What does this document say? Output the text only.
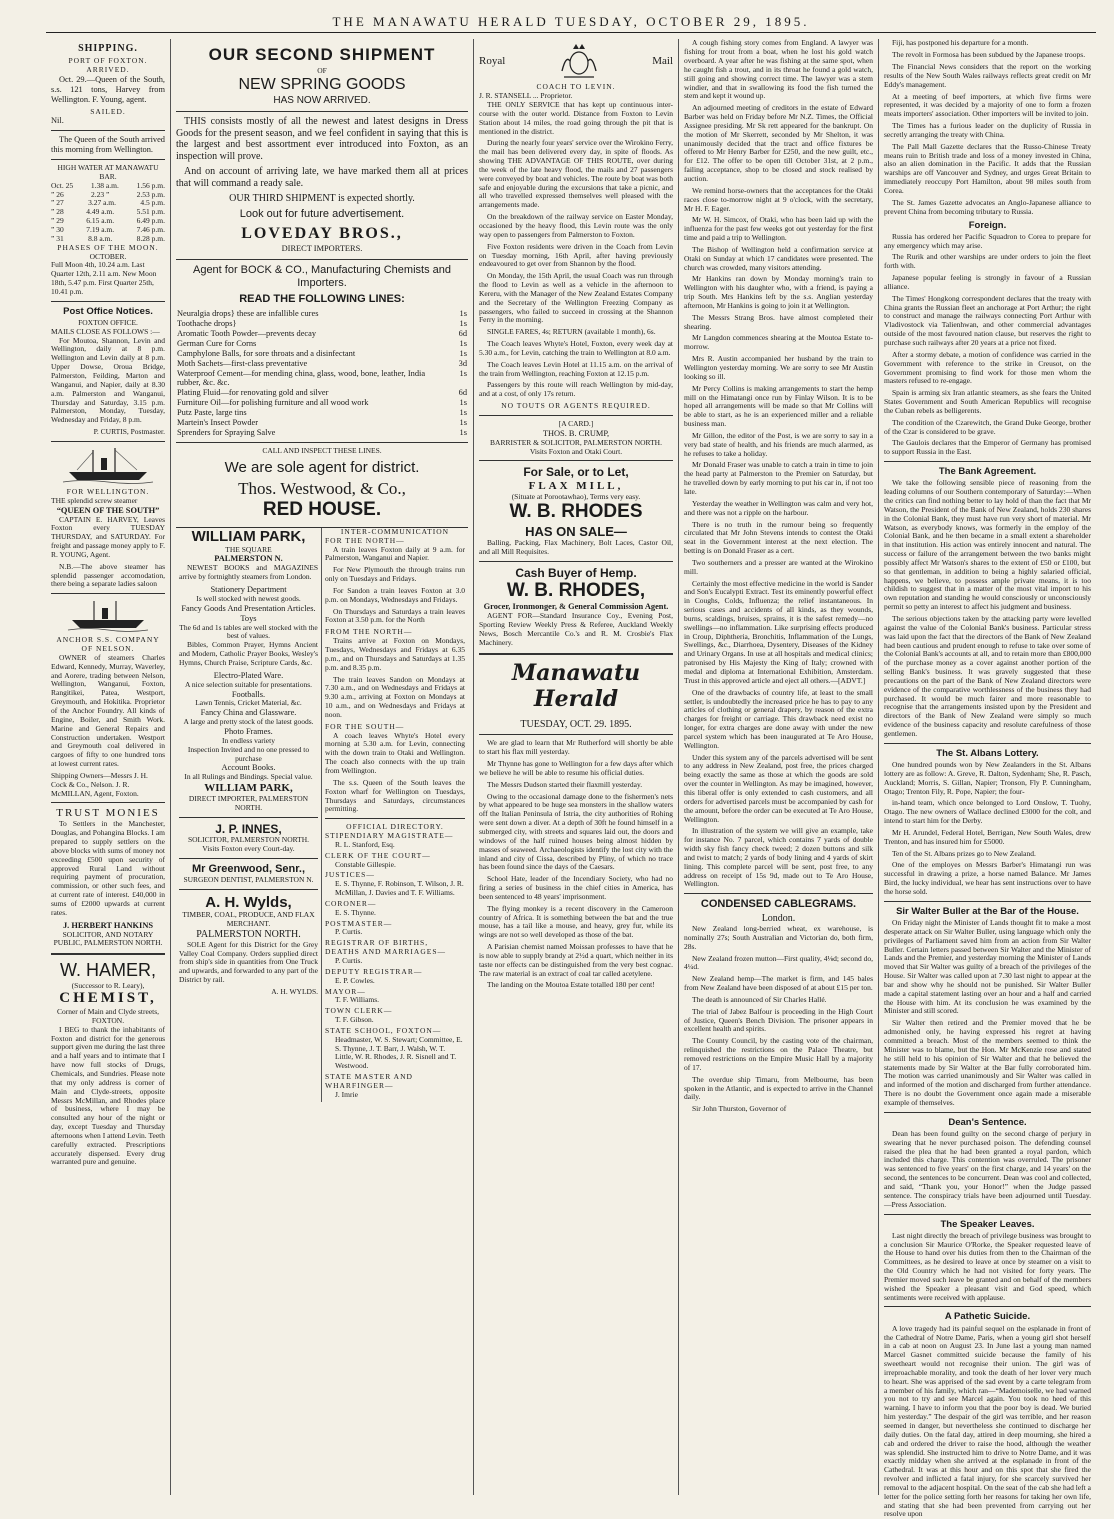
THE MANAWATU HERALD TUESDAY, OCTOBER 29, 1895.
SHIPPING.
PORT OF FOXTON.
ARRIVED.
Oct. 29.—Queen of the South, s.s. 121 tons, Harvey from Wellington. F. Young, agent.
SAILED.
Nil.
The Queen of the South arrived this morning from Wellington.
HIGH WATER AT MANAWATU BAR.
Oct. 25 1.38 a.m. 1.56 p.m.
” 26	2.23 ”	2.53 p.m.
” 27	3.27 a.m.	4.5 p.m.
” 28	4.49 a.m.	5.51 p.m.
” 29	6.15 a.m.	6.49 p.m.
” 30	7.19 a.m.	7.46 p.m.
” 31	8.8 a.m.	8.28 p.m.
PHASES OF THE MOON.
OCTOBER.
Full Moon 4th, 10.24 a.m. Last Quarter 12th, 2.11 a.m. New Moon 18th, 5.47 p.m. First Quarter 25th, 10.41 p.m.
Post Office Notices.
FOXTON OFFICE.
MAILS CLOSE AS FOLLOWS :—
For Moutoa, Shannon, Levin and Wellington, daily at 8 p.m. Wellington and Levin daily at 8 p.m. Upper Dowse, Oroua Bridge, Palmerston, Feilding, Marton and Wanganui, and Napier, daily at 8.30 a.m. Palmerston and Wanganui, Thursday and Saturday, 3.15 p.m. Palmerston, Monday, Tuesday, Wednesday and Friday, 8 p.m.
P. CURTIS, Postmaster.
FOR WELLINGTON.
THE splendid screw steamer
“QUEEN OF THE SOUTH”
CAPTAIN E. HARVEY, Leaves Foxton every TUESDAY THURSDAY, and SATURDAY. For freight and passage money apply to F. R. YOUNG, Agent.
N.B.—The above steamer has splendid passenger accomodation, there being a separate ladies saloon
ANCHOR S.S. COMPANY OF NELSON.
OWNER of steamers Charles Edward, Kennedy, Murray, Waverley, and Aorere, trading between Nelson, Wellington, Wanganui, Foxton, Rangitikei, Patea, Westport, Greymouth, and Hokitika. Proprietor of the Anchor Foundry. All kinds of Engine, Boiler, and Smith Work. Marine and General Repairs and Construction undertaken. Westport and Greymouth coal delivered in cargoes of fifty to one hundred tons at lowest current rates.
Shipping Owners—Messrs J. H. Cock & Co., Nelson. J. R. McMILLAN, Agent, Foxton.
TRUST MONIES
To Settlers in the Manchester, Douglas, and Pohangina Blocks. I am prepared to supply settlers on the above blocks with sums of money not exceeding £500 upon security of approved Rural Land without requiring payment of procuration, commission, or other such fees, and at current rate of interest. £40,000 in sums of £2000 upwards at current rates.
J. HERBERT HANKINS
SOLICITOR, AND NOTARY PUBLIC, PALMERSTON NORTH.
W. HAMER,
(Successor to R. Leary),
CHEMIST,
Corner of Main and Clyde streets, FOXTON.
I BEG to thank the inhabitants of Foxton and district for the generous support given me during the last three and a half years and to intimate that I have now full stocks of Drugs, Chemicals, and Sundries. Please note that my only address is corner of Main and Clyde-streets, opposite Messrs McMillan, and Rhodes place of business, where I may be consulted any hour of the night or day, except Tuesday and Thursday afternoons when I attend Levin. Teeth carefully extracted. Prescriptions accurately dispensed. Every drug warranted pure and genuine.
OUR SECOND SHIPMENT
OF
NEW SPRING GOODS
HAS NOW ARRIVED.
THIS consists mostly of all the newest and latest designs in Dress Goods for the present season, and we feel confident in saying that this is the largest and best assortment ever introduced into Foxton, as an inspection will prove.
And on account of arriving late, we have marked them all at prices that will command a ready sale.
OUR THIRD SHIPMENT is expected shortly.
Look out for future advertisement.
LOVEDAY BROS.,
DIRECT IMPORTERS.
Agent for BOCK & CO., Manufacturing Chemists and Importers.
READ THE FOLLOWING LINES:
Neuralgia drops} these are infallible cures	1s
Toothache drops}	1s
Aromatic Tooth Powder—prevents decay	6d
German Cure for Corns	1s
Camphylone Balls, for sore throats and a disinfectant	1s
Moth Sachets—first-class preventative	3d
Waterproof Cement—for mending china, glass, wood, bone, leather, India rubber, &c. &c.	1s
Plating Fluid—for renovating gold and silver	6d
Furniture Oil—for polishing furniture and all wood work	1s
Putz Paste, large tins	1s
Martein's Insect Powder	1s
Sprenders for Spraying Salve	1s
CALL AND INSPECT THESE LINES.
We are sole agent for district.
Thos. Westwood, & Co.,
RED HOUSE.
WILLIAM PARK,
THE SQUARE
PALMERSTON N.
NEWEST BOOKS and MAGAZINES arrive by fortnightly steamers from London.
Stationery Department
Is well stocked with newest goods.
Fancy Goods And Presentation Articles.
Toys
The 6d and 1s tables are well stocked with the best of values.
Bibles, Common Prayer, Hymns Ancient and Modern, Catholic Prayer Books, Wesley's Hymns, Church Praise, Scripture Cards, &c.
Electro-Plated Ware.
A nice selection suitable for presentations.
Footballs.
Lawn Tennis, Cricket Material, &c.
Fancy China and Glassware.
A large and pretty stock of the latest goods.
Photo Frames.
In endless variety
Inspection Invited and no one pressed to purchase
Account Books.
In all Rulings and Bindings. Special value.
WILLIAM PARK,
DIRECT IMPORTER, PALMERSTON NORTH.
J. P. INNES,
SOLICITOR, PALMERSTON NORTH. Visits Foxton every Court-day.
Mr Greenwood, Senr.,
SURGEON DENTIST, PALMERSTON N.
A. H. Wylds,
TIMBER, COAL, PRODUCE, AND FLAX MERCHANT.
PALMERSTON NORTH.
SOLE Agent for this District for the Grey Valley Coal Company. Orders supplied direct from ship's side in quantities from One Truck and upwards, and forwarded to any part of the District by rail.
A. H. WYLDS.
INTER-COMMUNICATION
FOR THE NORTH—
A train leaves Foxton daily at 9 a.m. for Palmerston, Wanganui and Napier.
For New Plymouth the through trains run only on Tuesdays and Fridays.
For Sandon a train leaves Foxton at 3.0 p.m. on Mondays, Wednesdays and Fridays.
On Thursdays and Saturdays a train leaves Foxton at 3.50 p.m. for the North
FROM THE NORTH—
Trains arrive at Foxton on Mondays, Tuesdays, Wednesdays and Fridays at 6.35 p.m., and on Thursdays and Saturdays at 1.35 p.m. and 8.35 p.m.
The train leaves Sandon on Mondays at 7.30 a.m., and on Wednesdays and Fridays at 9.30 a.m., arriving at Foxton on Mondays at 10 a.m., and on Wednesdays and Fridays at noon.
FOR THE SOUTH—
A coach leaves Whyte's Hotel every morning at 5.30 a.m. for Levin, connecting with the down train to Otaki and Wellington. The coach also connects with the up train from Wellington.
The s.s. Queen of the South leaves the Foxton wharf for Wellington on Tuesdays, Thursdays and Saturdays, circumstances permitting.
OFFICIAL DIRECTORY.
STIPENDIARY MAGISTRATE—
R. L. Stanford, Esq.
CLERK OF THE COURT—
Constable Gillespie.
JUSTICES—
E. S. Thynne, F. Robinson, T. Wilson, J. R. McMillan, J. Davies and T. F. Williams.
CORONER—
E. S. Thynne.
POSTMASTER—
P. Curtis.
REGISTRAR OF BIRTHS, DEATHS AND MARRIAGES—
P. Curtis.
DEPUTY REGISTRAR—
E. P. Cowles.
MAYOR—
T. F. Williams.
TOWN CLERK—
T. F. Gibson.
STATE SCHOOL, FOXTON—
Headmaster, W. S. Stewart; Committee, E. S. Thynne, J. T. Barr, J. Walsh, W. T. Little, W. R. Rhodes, J. R. Sisnell and T. Westwood.
STATE MASTER AND WHARFINGER—
J. Imrie
Royal	Mail
COACH TO LEVIN.
J. R. STANSELL ... Proprietor.
THE ONLY SERVICE that has kept up continuous inter-course with the outer world. Distance from Foxton to Levin Station about 14 miles, the road going through the pit that is mentioned in the district.
During the nearly four years' service over the Wirokino Ferry, the mail has been delivered every day, in spite of floods. As showing THE ADVANTAGE OF THIS ROUTE, over during the week of the late heavy flood, the mails and 27 passengers were conveyed by boat and vehicles. The route by boat was both safe and enjoyable during the excursions that take a picnic, and all who travelled expressed themselves well pleased with the arrangements made.
On the breakdown of the railway service on Easter Monday, occasioned by the heavy flood, this Levin route was the only way open to passengers from Palmerston to Foxton.
Five Foxton residents were driven in the Coach from Levin on Tuesday morning, 16th April, after having previously endeavoured to get over from Shannon by the flood.
On Monday, the 15th April, the usual Coach was run through the flood to Levin as well as a vehicle in the afternoon to Kereru, with the Manager of the New Zealand Estates Company and the Secretary of the Wellington Freezing Company as passengers, who failed to succeed in crossing at the Shannon Ferry in the morning.
SINGLE FARES, 4s; RETURN (available 1 month), 6s.
The Coach leaves Whyte's Hotel, Foxton, every week day at 5.30 a.m., for Levin, catching the train to Wellington at 8.0 a.m.
The Coach leaves Levin Hotel at 11.15 a.m. on the arrival of the train from Wellington, reaching Foxton at 12.15 p.m.
Passengers by this route will reach Wellington by mid-day, and at a cost, of only 17s return.
NO TOUTS OR AGENTS REQUIRED.
[A CARD.]
THOS. B. CRUMP,
BARRISTER & SOLICITOR, PALMERSTON NORTH.
Visits Foxton and Otaki Court.
For Sale, or to Let,
FLAX MILL,
(Situate at Porootawhao), Terms very easy.
W. B. RHODES
HAS ON SALE—
Balling, Packing, Flax Machinery, Bolt Laces, Castor Oil, and all Mill Requisites.
Cash Buyer of Hemp.
W. B. RHODES,
Grocer, Ironmonger, & General Commission Agent.
AGENT FOR—Standard Insurance Coy., Evening Post, Sporting Review Weekly Press & Referee, Auckland Weekly News, Bosch Mercantile Co.'s and R. M. Crosbie's Flax Machinery.
Manawatu Herald
TUESDAY, OCT. 29. 1895.
We are glad to learn that Mr Rutherford will shortly be able to start his flax mill yesterday.
Mr Thynne has gone to Wellington for a few days after which we believe he will be able to resume his official duties.
The Messrs Dudson started their flaxmill yesterday.
Owing to the occasional damage done to the fishermen's nets by what appeared to be huge sea monsters in the shallow waters off the Italian Peninsula of Istria, the city authorities of Rohing were sent down a diver. At a depth of 30ft he found himself in a submerged city, with streets and squares laid out, the doors and windows of the half ruined houses being almost hidden by masses of seaweed. Archaeologists identify the lost city with the inland and city of Cissa, described by Pliny, of which no trace has been found since the days of the Caesars.
School Hate, leader of the Incendiary Society, who had no firing a series of business in the chief cities in America, has been sentenced to 48 years' imprisonment.
The flying monkey is a recent discovery in the Cameroon country of Africa. It is something between the bat and the true mouse, has a tail like a mouse, and heavy, grey fur, while its wings are not so well developed as those of the bat.
A Parisian chemist named Moissan professes to have that he is now able to supply brandy at 2½d a quart, which neither in its taste nor effects can be distinguished from the very best cognac. The raw material is an extract of coal tar called acetylene.
The landing on the Moutoa Estate totalled 180 per cent!
A cough fishing story comes from England. A lawyer was fishing for trout from a boat, when he lost his gold watch overboard. A year after he was fishing at the same spot, when he caught fish a trout, and in its throat he found a gold watch, still going and showing correct time. The lawyer was a stem windier, and that in swallowing its food the fish turned the stem and kept it wound up.
An adjourned meeting of creditors in the estate of Edward Barber was held on Friday before Mr N.Z. Times, the Official Assignee presiding. Mr Sk rett appeared for the bankrupt. On the motion of Mr Skerrett, seconded by Mr Shelton, it was unanimously decided that the tract and office fixtures be offered to Mr Henry Barber for £250, and the new guilt, etc., for £12. The offer to be open till October 31st, at 2 p.m., failing acceptance, shop to be closed and stock realised by auction.
We remind horse-owners that the acceptances for the Otaki races close to-morrow night at 9 o'clock, with the secretary, Mr H. F. Eager.
Mr W. H. Simcox, of Otaki, who has been laid up with the influenza for the past few weeks got out yesterday for the first time and paid a trip to Wellington.
The Bishop of Wellington held a confirmation service at Otaki on Sunday at which 17 candidates were presented. The church was crowded, many visitors attending.
Mr Hankins ran down by Monday morning's train to Wellington with his daughter who, with a friend, is paying a trip South. Mrs Hankins left by the s.s. Anglian yesterday afternoon, Mr Hankins is going to join it at Wellington.
The Messrs Strang Bros. have almost completed their shearing.
Mr Langdon commences shearing at the Moutoa Estate to-morrow.
Mrs R. Austin accompanied her husband by the train to Wellington yesterday morning. We are sorry to see Mr Austin looking so ill.
Mr Percy Collins is making arrangements to start the hemp mill on the Himatangi once run by Finlay Wilson. It is to be hoped all arrangements will be made so that Mr Collins will be able to start, as he is an experienced miller and a reliable business man.
Mr Gillon, the editor of the Post, is we are sorry to say in a very bad state of health, and his friends are much alarmed, as he refuses to take a holiday.
Mr Donald Fraser was unable to catch a train in time to join the head party at Palmerston to the Premier on Saturday, but he travelled down by early morning to put his car in, if not too late.
Yesterday the weather in Wellington was calm and very hot, and there was not a ripple on the harbour.
There is no truth in the rumour being so frequently circulated that Mr John Stevens intends to contest the Otaki seat in the Government interest at the next election. The betting is on Donald Fraser as a cert.
Two southerners and a presser are wanted at the Wirokino mill.
Certainly the most effective medicine in the world is Sander and Son's Eucalypti Extract. Test its eminently powerful effect in Coughs, Colds, Influenza; the relief instantaneous. In serious cases and accidents of all kinds, as they wounds, burns, scaldings, bruises, sprains, it is the safest remedy—no swellings—no inflammation. Like surprising effects produced in Croup, Diphtheria, Bronchitis, Inflammation of the Lungs, Swellings, &c., Diarrhoea, Dysentery, Diseases of the Kidney and Urinary Organs. In use at all hospitals and medical clinics; patronised by His Majesty the King of Italy; crowned with medal and diploma at International Exhibition, Amsterdam. Trust in this approved article and eject all others.—[ADVT.]
One of the drawbacks of country life, at least to the small settler, is undoubtedly the increased price he has to pay to any articles of clothing or general drapery, by reason of the extra charges for freight or carriage. This drawback need exist no longer, for extra charges are done away with under the new parcel system which has been inaugurated at Te Aro House, Wellington.
Under this system any of the parcels advertised will be sent to any address in New Zealand, post free, the prices charged being exactly the same as those at which the goods are sold over the counter in Wellington. As may be imagined, however, this liberal offer is only extended to cash customers, and all orders for advertised parcels must be accompanied by cash for the amount, before the order can be executed at Te Aro House, Wellington.
In illustration of the system we will give an example, take for instance No. 7 parcel, which contains 7 yards of double width sky fish fancy check tweed; 2 dozen buttons and silk and twist to match; 2 yards of body lining and 4 yards of skirt lining. This complete parcel will be sent, post free, to any address on receipt of 15s 9d, made out to Te Aro House, Wellington.
CONDENSED CABLEGRAMS.
London.
New Zealand long-berried wheat, ex warehouse, is nominally 27s; South Australian and Victorian do, both firm, 28s.
New Zealand frozen mutton—First quality, 4⅛d; second do, 4¼d.
New Zealand hemp—The market is firm, and 145 bales from New Zealand have been disposed of at about £15 per ton.
The death is announced of Sir Charles Hallé.
The trial of Jabez Balfour is proceeding in the High Court of Justice, Queen's Bench Division. The prisoner appears in excellent health and spirits.
The County Council, by the casting vote of the chairman, relinquished the restrictions on the Palace Theatre, but removed restrictions on the Empire Music Hall by a majority of 17.
The overdue ship Timaru, from Melbourne, has been spoken in the Atlantic, and is expected to arrive in the Channel daily.
Sir John Thurston, Governor of
Fiji, has postponed his departure for a month.
The revolt in Formosa has been subdued by the Japanese troops.
The Financial News considers that the report on the working results of the New South Wales railways reflects great credit on Mr Eddy's management.
At a meeting of beef importers, at which five firms were represented, it was decided by a majority of one to form a frozen meats importers' association. Other importers will be invited to join.
The Times has a furious leader on the duplicity of Russia in secretly arranging the treaty with China.
The Pall Mall Gazette declares that the Russo-Chinese Treaty means ruin to British trade and loss of a money invested in China, also an alien domination in the Pacific. It adds that the Russian warships are off Vancouver and Sydney, and urges Great Britain to immediately reoccupy Port Hamilton, about 98 miles south from Corea.
The St. James Gazette advocates an Anglo-Japanese alliance to prevent China from becoming tributary to Russia.
Foreign.
Russia has ordered her Pacific Squadron to Corea to prepare for any emergency which may arise.
The Rurik and other warships are under orders to join the fleet forth with.
Japanese popular feeling is strongly in favour of a Russian alliance.
The Times' Hongkong correspondent declares that the treaty with China grants the Russian fleet an anchorage at Port Arthur; the right to construct and manage the railways connecting Port Arthur with Vladivostock via Talienhwan, and other commercial advantages outside of the most favoured nation clause, but reserves the right to purchase such railways after 20 years at a price not fixed.
After a stormy debate, a motion of confidence was carried in the Government with reference to the strike in Creusot, on the Government promising to find work for those men whom the masters refused to re-engage.
Spain is arming six Iran atlantic steamers, as she fears the United States Government and South American Republics will recognise the Cuban rebels as belligerents.
The condition of the Czarewitch, the Grand Duke George, brother of the Czar is considered to be grave.
The Gaulois declares that the Emperor of Germany has promised to support Russia in the East.
The Bank Agreement.
We take the following sensible piece of reasoning from the leading columns of our Southern contemporary of Saturday:—When the critics can find nothing better to lay hold of than the fact that Mr Watson, the President of the Bank of New Zealand, holds 230 shares in the Colonial Bank, they must have run very short of material. Mr Watson, as everybody knows, was formerly in the employ of the Colonial Bank, and he then became in a small extent a shareholder in that institution. His action was entirely innocent and natural. The success or failure of the arrangement between the two banks might possibly affect Mr Watson's shares to the extent of £50 or £100, but so that gentleman, in addition to being a highly salaried official, happens, we believe, to possess ample private means, it is too childish to suggest that in a matter of the most vital import to his own reputation and standing he would consciously or unconsciously permit so petty an interest to affect his judgment and business.
The serious objections taken by the attacking party were levelled against the value of the Colonial Bank's business. Particular stress was laid upon the fact that the directors of the Bank of New Zealand had been cautious and prudent enough to refuse to take over some of the Colonial Bank's accounts at all, and to retain more than £800,000 of the purchase money as a cover against another portion of the selling Bank's business. It was gravely suggested that these precautions on the part of the Bank of New Zealand directors were evidence of the comparative worthlessness of the business they had purchased. It would be much fairer and more reasonable to recognise that the arrangements insisted upon by the President and directors of the Bank of New Zealand were simply so much evidence of the business capacity and resolute carefulness of those gentlemen.
The St. Albans Lottery.
One hundred pounds won by New Zealanders in the St. Albans lottery are as follow: A. Greve, R. Dalton, Sydenham; She, R. Pasch, Auckland; Morris, S. Gillan, Napier; Tronson, Fly P. Cunningham, Otago; Trenton Fily, R. Pope, Napier; the four-
in-hand team, which once belonged to Lord Onslow, T. Tuohy, Otago. The new owners of Wallace declined £3000 for the colt, and intend to start him for the Derby.
Mr H. Arundel, Federal Hotel, Berrigan, New South Wales, drew Trenton, and has insured him for £5000.
Ten of the St. Albans prizes go to New Zealand.
One of the employes on Messrs Barber's Himatangi run was successful in drawing a prize, a horse named Balance. Mr James Bird, the lucky individual, we hear has sent instructions over to have the horse sold.
Sir Walter Buller at the Bar of the House.
On Friday night the Minister of Lands thought fit to make a most desperate attack on Sir Walter Buller, using language which only the privileges of Parliament saved him from an action from Sir Walter Buller. Certain letters passed between Sir Walter and the Minister of Lands and the Premier, and yesterday morning the Minister of Lands moved that Sir Walter was guilty of a breach of the privileges of the House. Sir Walter was called upon at 7.30 last night to appear at the bar and show why he should not be punished. Sir Walter Buller made a capital statement lasting over an hour and a half and carried the House with him. At its conclusion he was examined by the Minister and still scored.
Sir Walter then retired and the Premier moved that he be admonished only, he having expressed his regret at having committed a breach. Most of the members seemed to think the Minister was to blame, but the Hon. Mr McKenzie rose and stated he still held to his opinion of Sir Walter and that he believed the statements made by Sir Walter at the Bar fully corroborated him. The motion was carried unanimously and Sir Walter was called in and informed of the motion and discharged from further attendance. There is no doubt the Government once again made a miserable example of themselves.
Dean's Sentence.
Dean has been found guilty on the second charge of perjury in swearing that he never purchased poison. The defending counsel raised the plea that he had been granted a royal pardon, which included this charge. This contention was overruled. The prisoner was sentenced to five years' on the first charge, and 14 years' on the second, the sentences to be concurrent. Dean was cool and collected, and said, “Thank you, your Honor!” when the Judge passed sentence. The conspiracy trials have been adjourned until Tuesday.—Press Association.
The Speaker Leaves.
Last night directly the breach of privilege business was brought to a conclusion Sir Maurice O'Rorke, the Speaker requested leave of the House to hand over his duties from then to the Chairman of the Committees, as he desired to leave at once by steamer on a visit to the Old Country which he had not visited for forty years. The Premier moved such leave be granted and on behalf of the members wished the Speaker a pleasant visit and God speed, which sentiments were received with applause.
A Pathetic Suicide.
A love tragedy had its painful sequel on the esplanade in front of the Cathedral of Notre Dame, Paris, when a young girl shot herself in a cab at noon on August 23. In June last a young man named Marcel Gasnet committed suicide because the family of his sweetheart would not recognise their union. The girl was of irreproachable morality, and took the death of her lover very much to heart. She was apprised of the sad event by a carte telegram from a member of his family, which ran—“Mademoiselle, we had warned you not to try and see Marcel again. You took no heed of this warning. I have to inform you that the poor boy is dead. We buried him yesterday.” The despair of the girl was terrible, and her reason seemed in danger, but nevertheless she continued to discharge her daily duties. On the fatal day, attired in deep mourning, she hired a cab and ordered the driver to raise the hood, although the weather was splendid. She instructed him to drive to Notre Dame, and it was exactly midday when she arrived at the esplanade in front of the Cathedral. It was at this hour and on this spot that she fired the revolver and inflicted a fatal injury, for she scarcely survived her removal to the adjacent hospital. On the seat of the cab she had left a letter for the police setting forth her reasons for taking her own life, and stating that she had been prevented from carrying out her resolve upon
